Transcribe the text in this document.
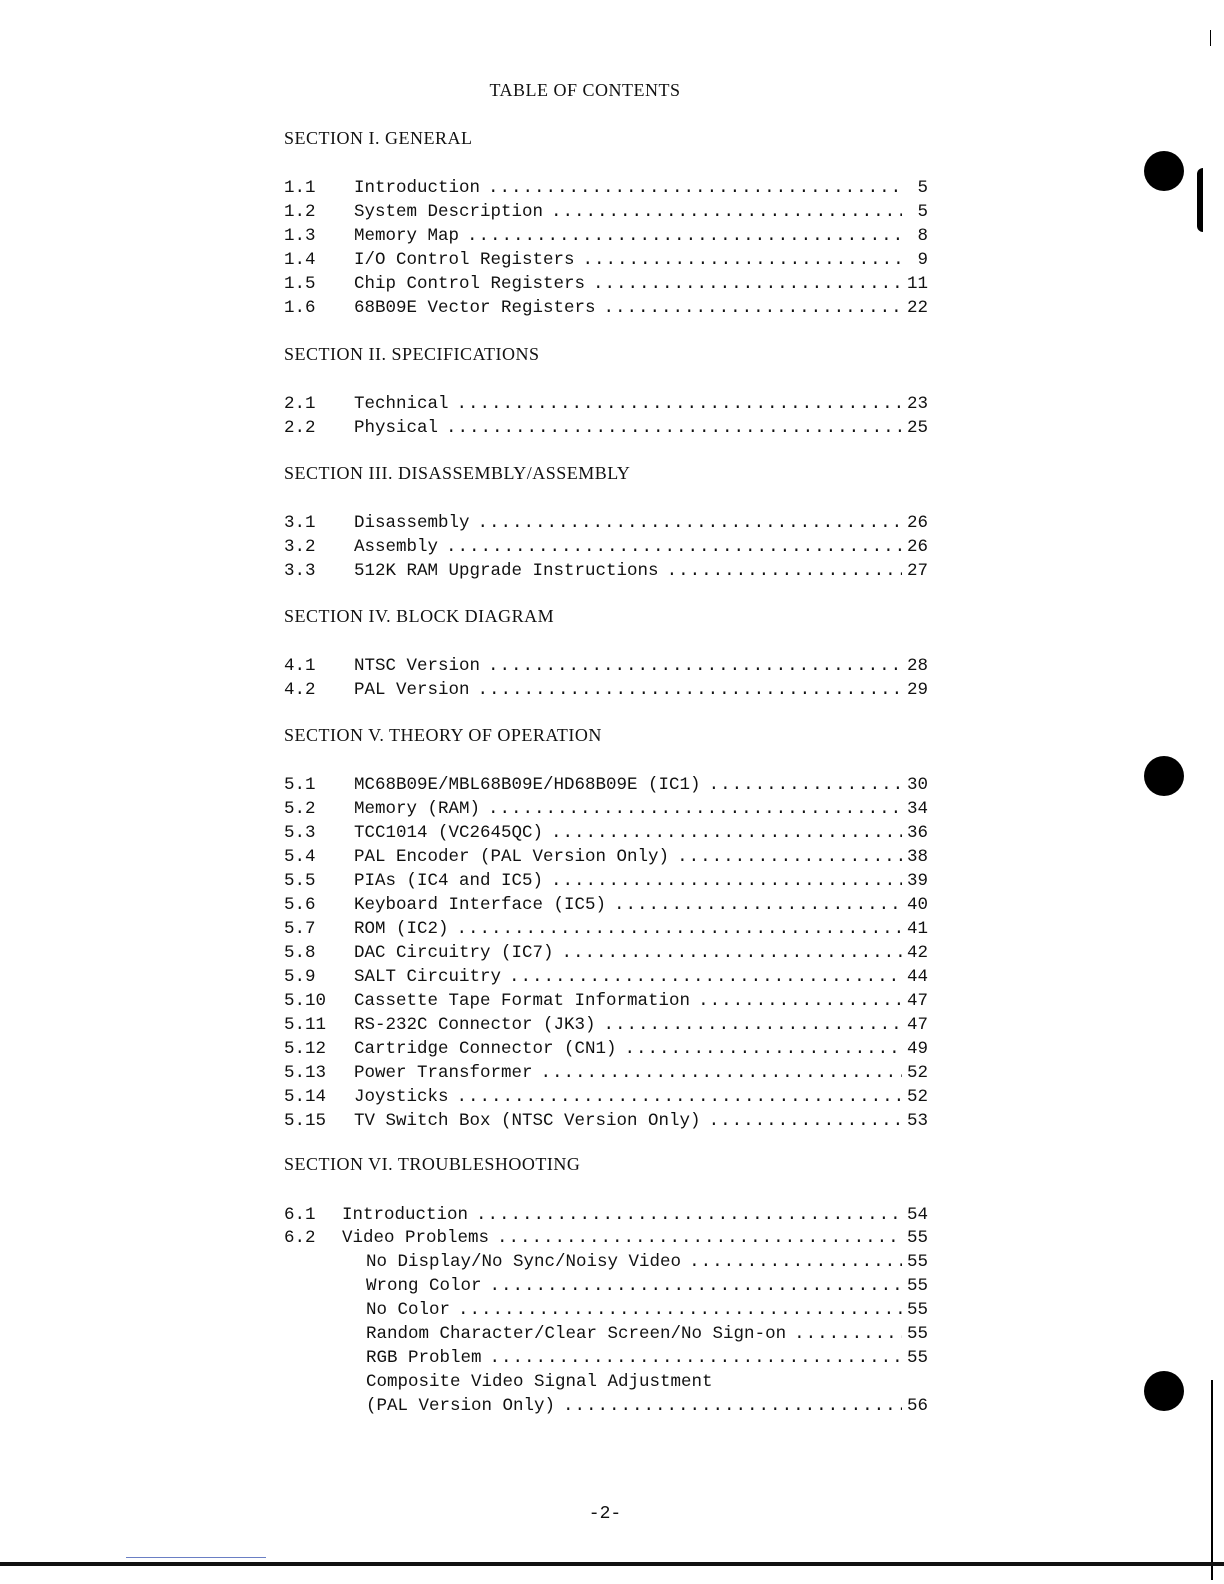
TABLE OF CONTENTS
SECTION I. GENERAL
1.1	Introduction .....	5
1.2	System Description .....	5
1.3	Memory Map .....	8
1.4	I/O Control Registers .....	9
1.5	Chip Control Registers .....	11
1.6	68B09E Vector Registers .....	22
SECTION II. SPECIFICATIONS
2.1	Technical .....	23
2.2	Physical .....	25
SECTION III. DISASSEMBLY/ASSEMBLY
3.1	Disassembly .....	26
3.2	Assembly .....	26
3.3	512K RAM Upgrade Instructions .....	27
SECTION IV. BLOCK DIAGRAM
4.1	NTSC Version .....	28
4.2	PAL Version .....	29
SECTION V. THEORY OF OPERATION
5.1	MC68B09E/MBL68B09E/HD68B09E (IC1) .....	30
5.2	Memory (RAM) .....	34
5.3	TCC1014 (VC2645QC) .....	36
5.4	PAL Encoder (PAL Version Only) .....	38
5.5	PIAs (IC4 and IC5) .....	39
5.6	Keyboard Interface (IC5) .....	40
5.7	ROM (IC2) .....	41
5.8	DAC Circuitry (IC7) .....	42
5.9	SALT Circuitry .....	44
5.10	Cassette Tape Format Information .....	47
5.11	RS-232C Connector (JK3) .....	47
5.12	Cartridge Connector (CN1) .....	49
5.13	Power Transformer .....	52
5.14	Joysticks .....	52
5.15	TV Switch Box (NTSC Version Only) .....	53
SECTION VI. TROUBLESHOOTING
6.1	Introduction .....	54
6.2	Video Problems .....	55
No Display/No Sync/Noisy Video .....	55
Wrong Color .....	55
No Color .....	55
Random Character/Clear Screen/No Sign-on .....	55
RGB Problem .....	55
Composite Video Signal Adjustment
(PAL Version Only) .....	56
-2-
